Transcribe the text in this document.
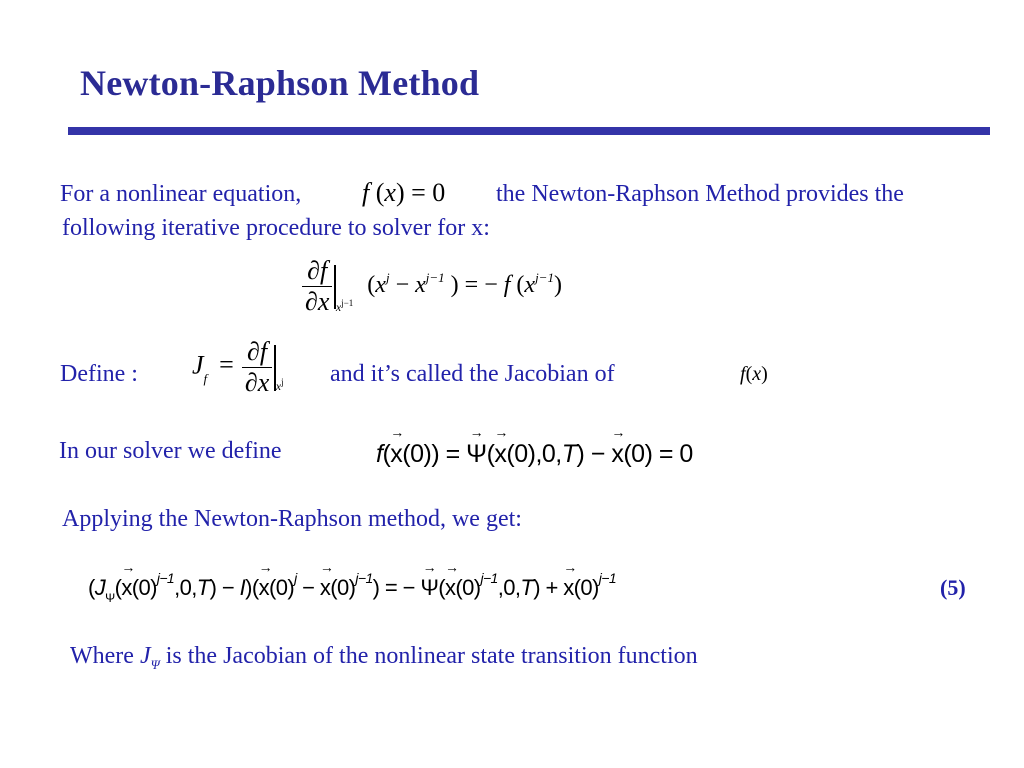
Newton-Raphson Method
For a nonlinear equation, f (x) = 0 the Newton-Raphson Method provides the
following iterative procedure to solver for x:
$\frac{\partial f}{\partial x} x^{j-1}$ ($x^j - x^{j-1}$ ) = − f $(x^{j-1})$
Define : $J_f = \frac{\partial f}{\partial x} x^j$ and it’s called the Jacobian of	f(x)
In our solver we define	f(→ x(0)) = → Ψ(→ x(0),0,T) − → x(0) = 0
Applying the Newton-Raphson method, we get:
$(J_\Psi(\to x(0)^{j-1},0,T) - I)(\to x(0)^j$ − → $x(0)^{j-1}$) = − → $\Psi(\to x(0)^{j-1},0,T)$ + → $x(0)^{j-1}$	(5)
Where $J_\Psi$ is the Jacobian of the nonlinear state transition function
